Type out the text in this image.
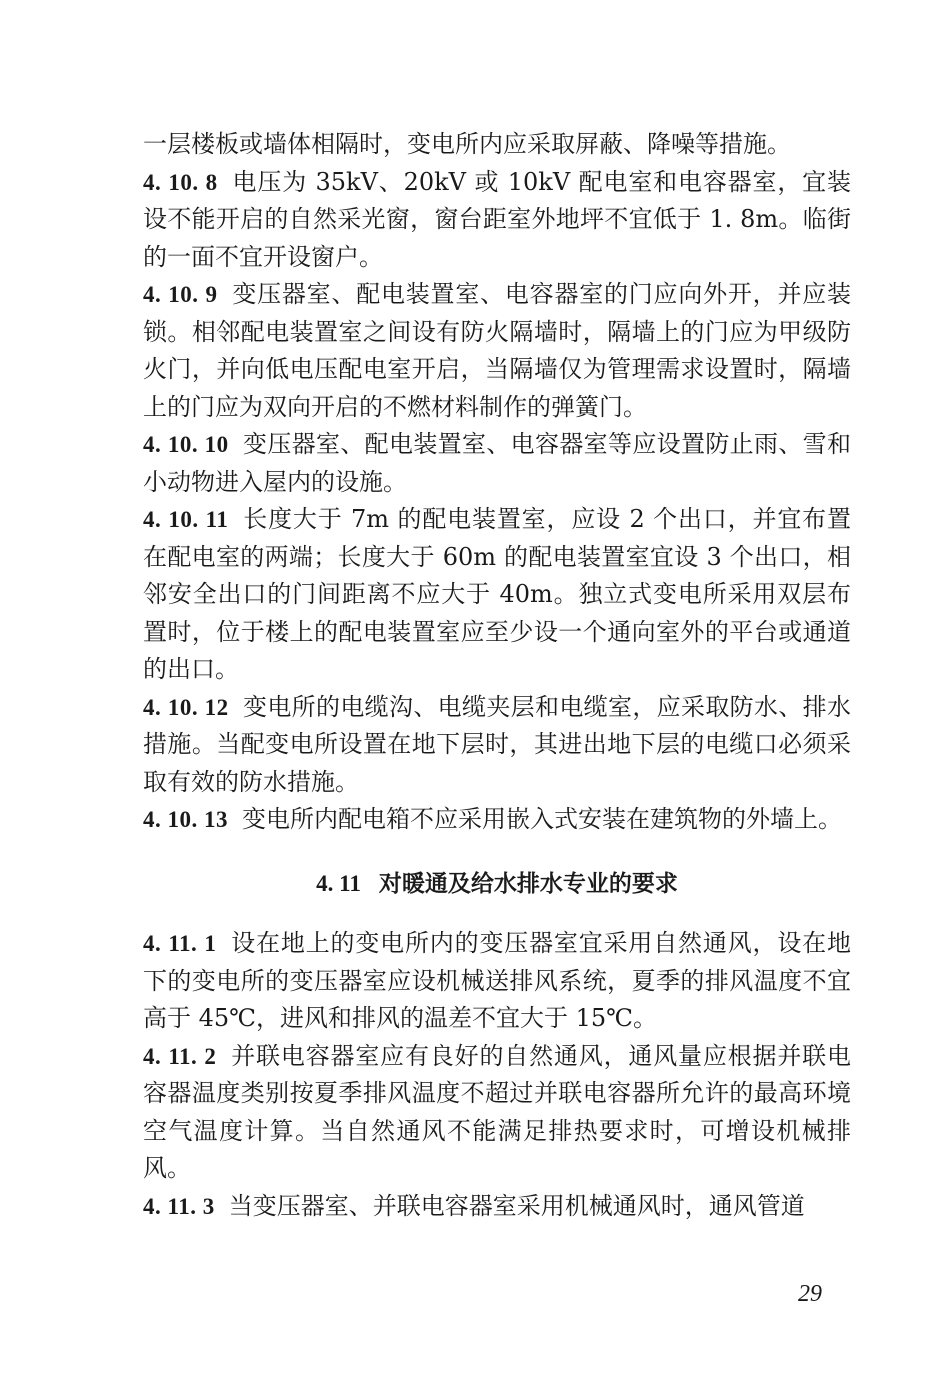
一层楼板或墙体相隔时，变电所内应采取屏蔽、降噪等措施。

4. 10. 8 电压为 35kV、20kV 或 10kV 配电室和电容器室，宜装设不能开启的自然采光窗，窗台距室外地坪不宜低于 1. 8m。临街的一面不宜开设窗户。

4. 10. 9 变压器室、配电装置室、电容器室的门应向外开，并应装锁。相邻配电装置室之间设有防火隔墙时，隔墙上的门应为甲级防火门，并向低电压配电室开启，当隔墙仅为管理需求设置时，隔墙上的门应为双向开启的不燃材料制作的弹簧门。

4. 10. 10 变压器室、配电装置室、电容器室等应设置防止雨、雪和小动物进入屋内的设施。

4. 10. 11 长度大于 7m 的配电装置室，应设 2 个出口，并宜布置在配电室的两端；长度大于 60m 的配电装置室宜设 3 个出口，相邻安全出口的门间距离不应大于 40m。独立式变电所采用双层布置时，位于楼上的配电装置室应至少设一个通向室外的平台或通道的出口。

4. 10. 12 变电所的电缆沟、电缆夹层和电缆室，应采取防水、排水措施。当配变电所设置在地下层时，其进出地下层的电缆口必须采取有效的防水措施。

4. 10. 13 变电所内配电箱不应采用嵌入式安装在建筑物的外墙上。

4. 11 对暖通及给水排水专业的要求

4. 11. 1 设在地上的变电所内的变压器室宜采用自然通风，设在地下的变电所的变压器室应设机械送排风系统，夏季的排风温度不宜高于 45℃，进风和排风的温差不宜大于 15℃。

4. 11. 2 并联电容器室应有良好的自然通风，通风量应根据并联电容器温度类别按夏季排风温度不超过并联电容器所允许的最高环境空气温度计算。当自然通风不能满足排热要求时，可增设机械排风。

4. 11. 3 当变压器室、并联电容器室采用机械通风时，通风管道

29
